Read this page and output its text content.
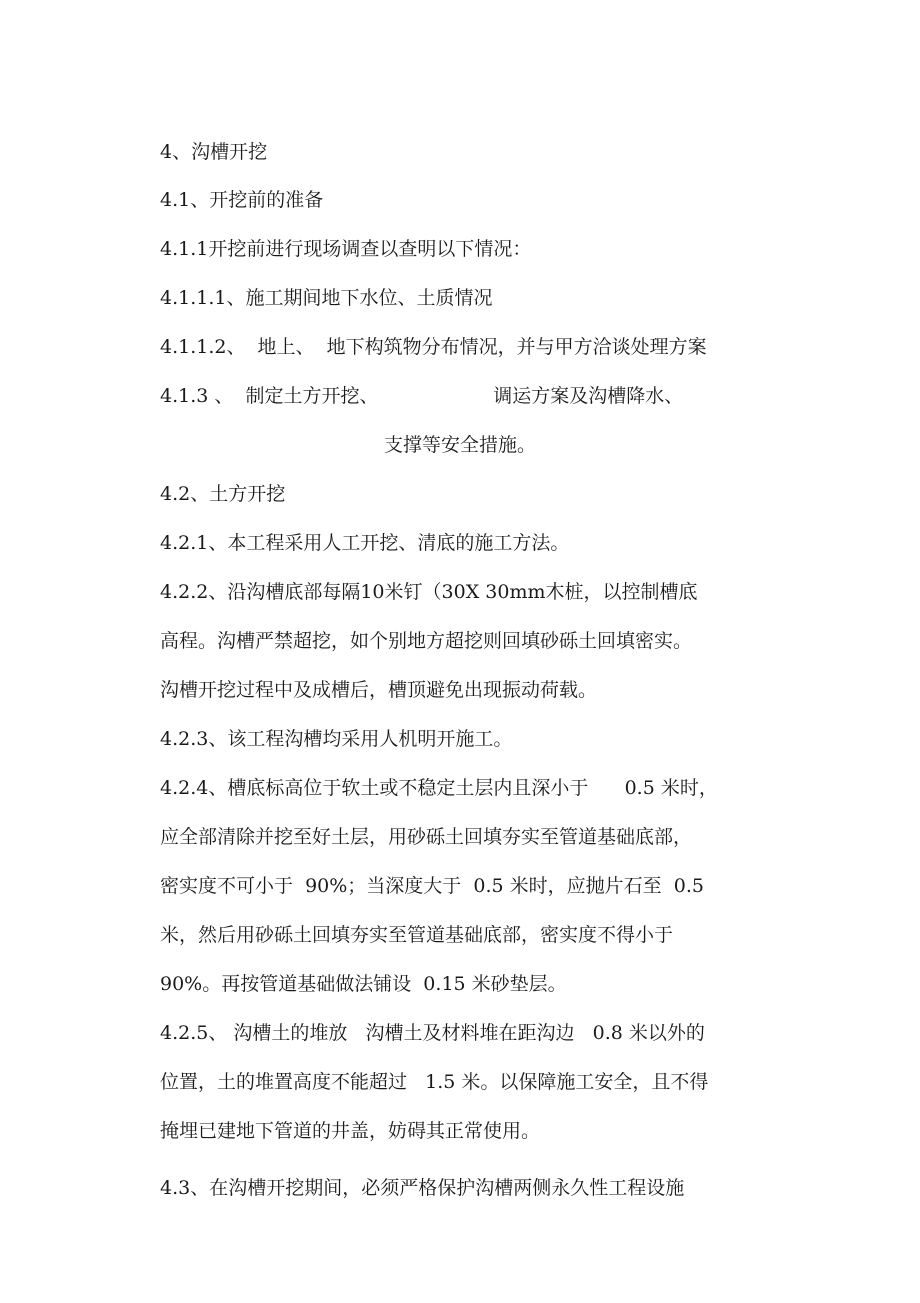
4、沟槽开挖
4.1、开挖前的准备
4.1.1开挖前进行现场调查以查明以下情况：
4.1.1.1、施工期间地下水位、土质情况
4.1.1.2、  地上、  地下构筑物分布情况，并与甲方洽谈处理方案
4.1.3 、  制定土方开挖、                   调运方案及沟槽降水、
支撑等安全措施。
4.2、土方开挖
4.2.1、本工程采用人工开挖、清底的施工方法。
4.2.2、沿沟槽底部每隔10米钉（30X 30mm木桩，以控制槽底
高程。沟槽严禁超挖，如个别地方超挖则回填砂砾土回填密实。
沟槽开挖过程中及成槽后，槽顶避免出现振动荷载。
4.2.3、该工程沟槽均采用人机明开施工。
4.2.4、槽底标高位于软土或不稳定土层内且深小于      0.5 米时，
应全部清除并挖至好土层，用砂砾土回填夯实至管道基础底部，
密实度不可小于  90%；当深度大于  0.5 米时，应抛片石至  0.5
米，然后用砂砾土回填夯实至管道基础底部，密实度不得小于
90%。再按管道基础做法铺设  0.15 米砂垫层。
4.2.5、 沟槽土的堆放   沟槽土及材料堆在距沟边   0.8 米以外的
位置，土的堆置高度不能超过   1.5 米。以保障施工安全，且不得
掩埋已建地下管道的井盖，妨碍其正常使用。
4.3、在沟槽开挖期间，必须严格保护沟槽两侧永久性工程设施
